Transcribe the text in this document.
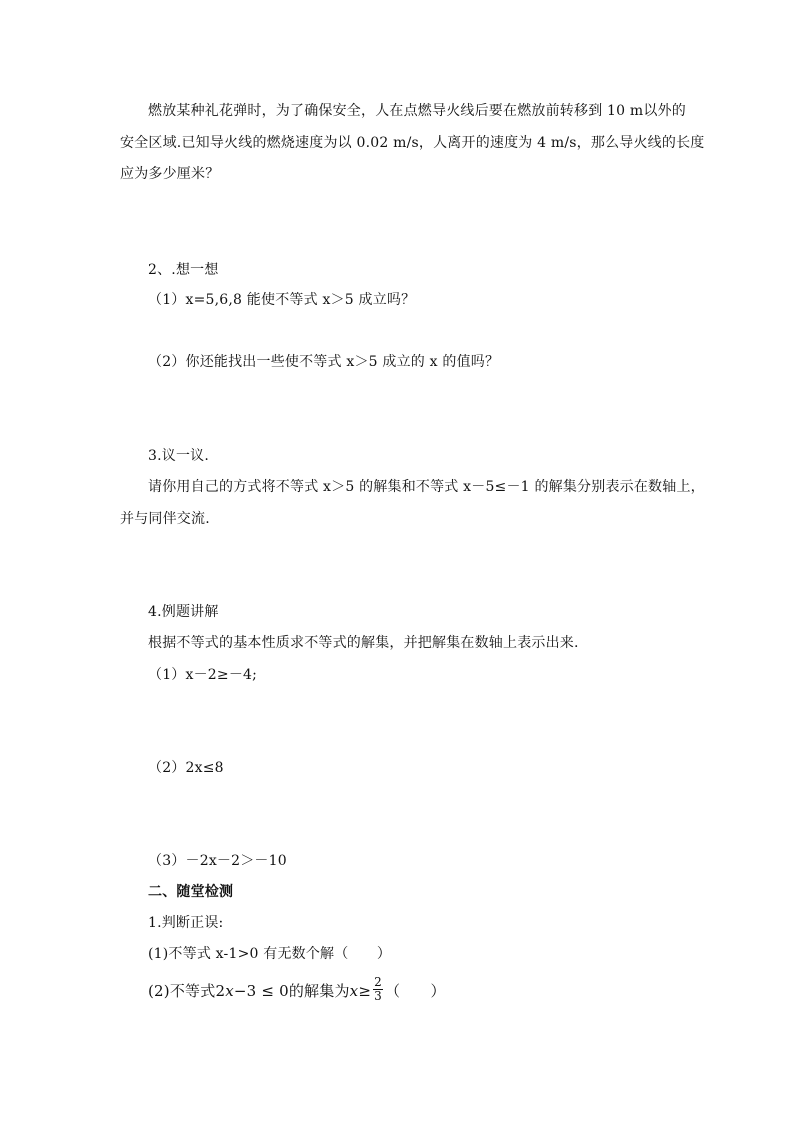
燃放某种礼花弹时，为了确保安全，人在点燃导火线后要在燃放前转移到 10 m以外的
安全区域.已知导火线的燃烧速度为以 0.02 m/s，人离开的速度为 4 m/s，那么导火线的长度
应为多少厘米？
2、.想一想
（1）x=5,6,8 能使不等式 x＞5 成立吗？
（2）你还能找出一些使不等式 x＞5 成立的 x 的值吗？
3.议一议.
请你用自己的方式将不等式 x＞5 的解集和不等式 x－5≤－1 的解集分别表示在数轴上，
并与同伴交流.
4.例题讲解
根据不等式的基本性质求不等式的解集，并把解集在数轴上表示出来.
（1）x－2≥－4;
（2）2x≤8
（3）－2x－2＞－10
二、随堂检测
1.判断正误:
(1)不等式 x-1>0 有无数个解（　　）
(2)不等式2x−3 ≤ 0的解集为$x\ge \frac{2}{3}$ （　　）
